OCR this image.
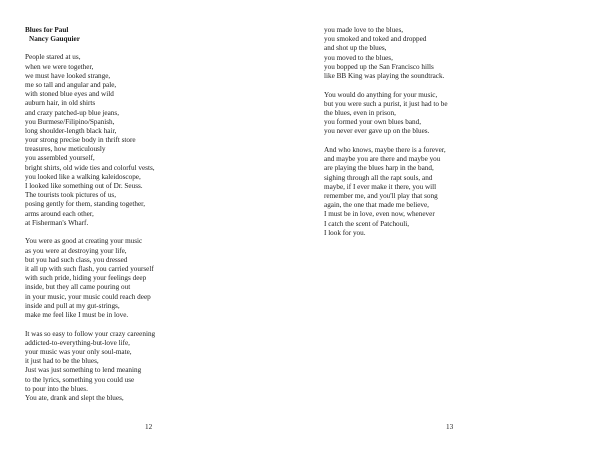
Blues for Paul
Nancy Gauquier
People stared at us,
when we were together,
we must have looked strange,
me so tall and angular and pale,
with stoned blue eyes and wild
auburn hair, in old shirts
and crazy patched-up blue jeans,
you Burmese/Filipino/Spanish,
long shoulder-length black hair,
your strong precise body in thrift store
treasures, how meticulously
you assembled yourself,
bright shirts, old wide ties and colorful vests,
you looked like a walking kaleidoscope,
I looked like something out of Dr. Seuss.
The tourists took pictures of us,
posing gently for them, standing together,
arms around each other,
at Fisherman's Wharf.
You were as good at creating your music
as you were at destroying your life,
but you had such class, you dressed
it all up with such flash, you carried yourself
with such pride, hiding your feelings deep
inside, but they all came pouring out
in your music, your music could reach deep
inside and pull at my gut-strings,
make me feel like I must be in love.
It was so easy to follow your crazy careening
addicted-to-everything-but-love life,
your music was your only soul-mate,
it just had to be the blues,
Just was just something to lend meaning
to the lyrics, something you could use
to pour into the blues.
You ate, drank and slept the blues,
12
you made love to the blues,
you smoked and toked and dropped
and shot up the blues,
you moved to the blues,
you bopped up the San Francisco hills
like BB King was playing the soundtrack.
You would do anything for your music,
but you were such a purist, it just had to be
the blues, even in prison,
you formed your own blues band,
you never ever gave up on the blues.
And who knows, maybe there is a forever,
and maybe you are there and maybe you
are playing the blues harp in the band,
sighing through all the rapt souls, and
maybe, if I ever make it there, you will
remember me, and you'll play that song
again, the one that made me believe,
I must be in love, even now, whenever
I catch the scent of Patchouli,
I look for you.
13
